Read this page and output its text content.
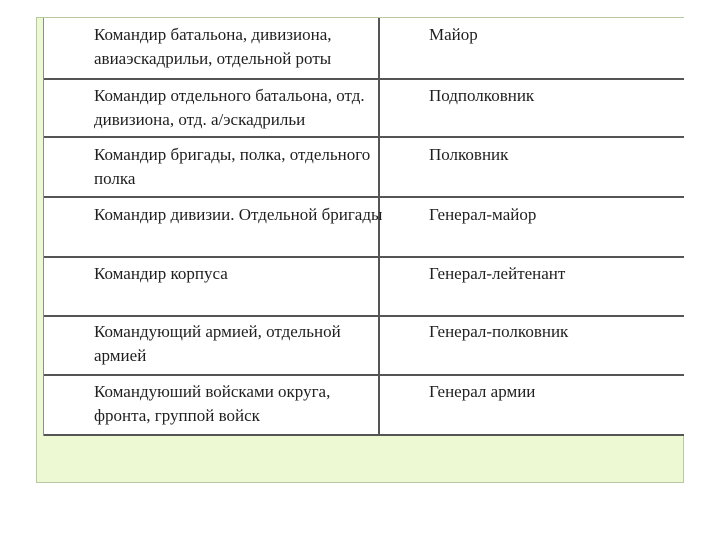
Командир батальона, дивизиона, авиаэскадрильи, отдельной роты
Майор
Командир отдельного батальона, отд. дивизиона, отд. а/эскадрильи
Подполковник
Командир бригады, полка, отдельного полка
Полковник
Командир дивизии. Отдельной бригады	Генерал-майор
Командир корпуса	Генерал-лейтенант
Командующий армией, отдельной армией
Генерал-полковник
Командуюший войсками округа, фронта, группой войск
Генерал армии
